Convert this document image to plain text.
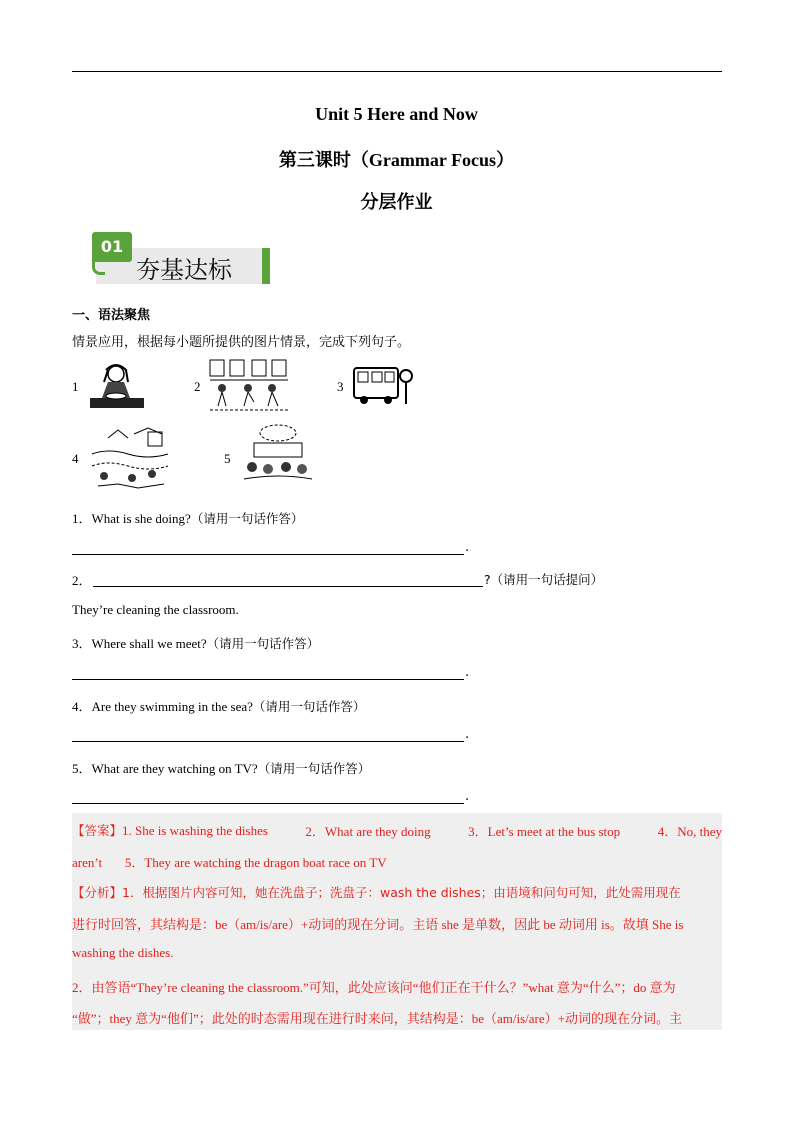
Unit 5 Here and Now
第三课时（Grammar Focus）
分层作业
01
夯基达标
一、语法聚焦
情景应用，根据每小题所提供的图片情景，完成下列句子。
1	2	3
4	5
1．What is she doing?（请用一句话作答）
.
2．	?（请用一句话提问）
They’re cleaning the classroom.
3．Where shall we meet?（请用一句话作答）
.
4．Are they swimming in the sea?（请用一句话作答）
.
5．What are they watching on TV?（请用一句话作答）
.
【答案】1. She is washing the dishes	2．What are they doing	3．Let’s meet at the bus stop	4．No, they
aren’t 5．They are watching the dragon boat race on TV
【分析】1．根据图片内容可知，她在洗盘子；洗盘子：wash the dishes；由语境和问句可知，此处需用现在
进行时回答，其结构是：be（am/is/are）+动词的现在分词。主语 she 是单数，因此 be 动词用 is。故填 She is
washing the dishes.
2．由答语“They’re cleaning the classroom.”可知，此处应该问“他们正在干什么？”what 意为“什么”；do 意为
“做”；they 意为“他们”；此处的时态需用现在进行时来问，其结构是：be（am/is/are）+动词的现在分词。主
